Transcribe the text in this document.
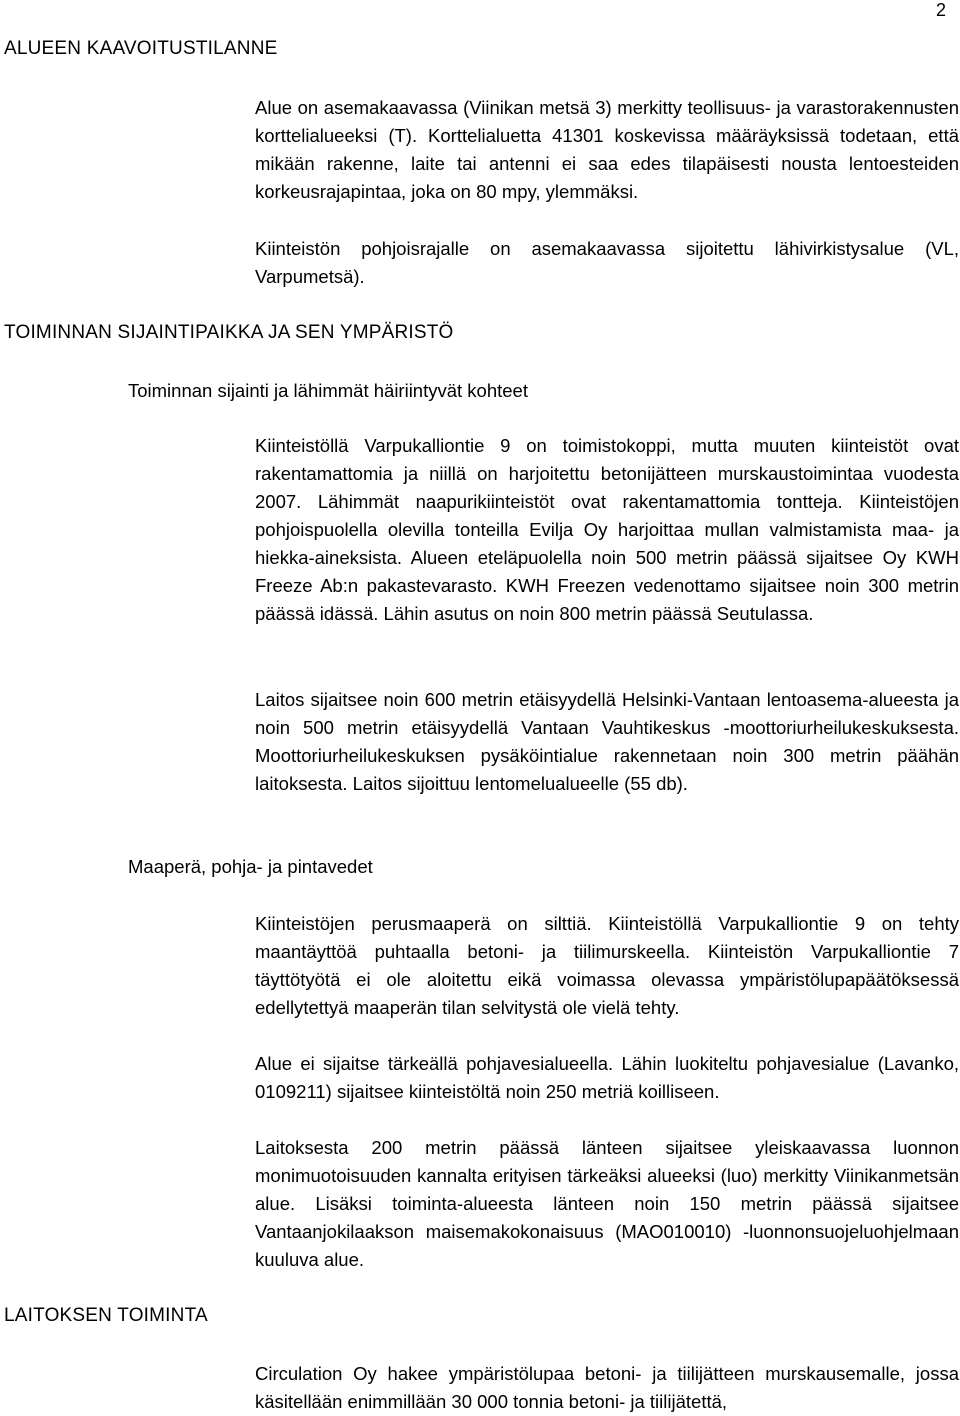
2
ALUEEN KAAVOITUSTILANNE

Alue on asemakaavassa (Viinikan metsä 3) merkitty teollisuus- ja varastorakennusten korttelialueeksi (T). Korttelialuetta 41301 koskevissa määräyksissä todetaan, että mikään rakenne, laite tai antenni ei saa edes tilapäisesti nousta lentoesteiden korkeusrajapintaa, joka on 80 mpy, ylemmäksi.

Kiinteistön pohjoisrajalle on asemakaavassa sijoitettu lähivirkistysalue (VL, Varpumetsä).

TOIMINNAN SIJAINTIPAIKKA JA SEN YMPÄRISTÖ
Toiminnan sijainti ja lähimmät häiriintyvät kohteet

Kiinteistöllä Varpukalliontie 9 on toimistokoppi, mutta muuten kiinteistöt ovat rakentamattomia ja niillä on harjoitettu betonijätteen murskaustoimintaa vuodesta 2007. Lähimmät naapurikiinteistöt ovat rakentamattomia tontteja. Kiinteistöjen pohjoispuolella olevilla tonteilla Evilja Oy harjoittaa mullan valmistamista maa- ja hiekka-aineksista. Alueen eteläpuolella noin 500 metrin päässä sijaitsee Oy KWH Freeze Ab:n pakastevarasto. KWH Freezen vedenottamo sijaitsee noin 300 metrin päässä idässä. Lähin asutus on noin 800 metrin päässä Seutulassa.

Laitos sijaitsee noin 600 metrin etäisyydellä Helsinki-Vantaan lentoasema-alueesta ja noin 500 metrin etäisyydellä Vantaan Vauhtikeskus -moottoriurheilukeskuksesta. Moottoriurheilukeskuksen pysäköintialue rakennetaan noin 300 metrin päähän laitoksesta. Laitos sijoittuu lentomelualueelle (55 db).

Maaperä, pohja- ja pintavedet

Kiinteistöjen perusmaaperä on silttiä. Kiinteistöllä Varpukalliontie 9 on tehty maantäyttöä puhtaalla betoni- ja tiilimurskeella. Kiinteistön Varpukalliontie 7 täyttötyötä ei ole aloitettu eikä voimassa olevassa ympäristölupapäätöksessä edellytettyä maaperän tilan selvitystä ole vielä tehty.

Alue ei sijaitse tärkeällä pohjavesialueella. Lähin luokiteltu pohjavesialue (Lavanko, 0109211) sijaitsee kiinteistöltä noin 250 metriä koilliseen.

Laitoksesta 200 metrin päässä länteen sijaitsee yleiskaavassa luonnon monimuotoisuuden kannalta erityisen tärkeäksi alueeksi (luo) merkitty Viinikanmetsän alue. Lisäksi toiminta-alueesta länteen noin 150 metrin päässä sijaitsee Vantaanjokilaakson maisemakokonaisuus (MAO010010) -luonnonsuojeluohjelmaan kuuluva alue.

LAITOKSEN TOIMINTA

Circulation Oy hakee ympäristölupaa betoni- ja tiilijätteen murskausemalle, jossa käsitellään enimmillään 30 000 tonnia betoni- ja tiilijätettä,
